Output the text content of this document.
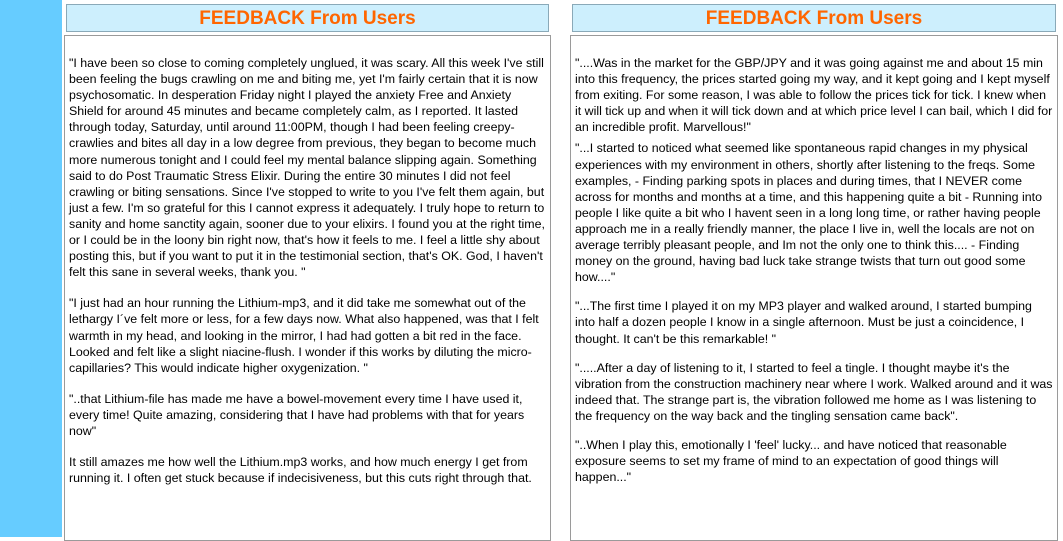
FEEDBACK From Users

"I have been so close to coming completely unglued, it was scary. All this week I've still been feeling the bugs crawling on me and biting me, yet I'm fairly certain that it is now psychosomatic. In desperation Friday night I played the anxiety Free and Anxiety Shield for around 45 minutes and became completely calm, as I reported. It lasted through today, Saturday, until around 11:00PM, though I had been feeling creepy-crawlies and bites all day in a low degree from previous, they began to become much more numerous tonight and I could feel my mental balance slipping again. Something said to do Post Traumatic Stress Elixir. During the entire 30 minutes I did not feel crawling or biting sensations. Since I've stopped to write to you I've felt them again, but just a few. I'm so grateful for this I cannot express it adequately. I truly hope to return to sanity and home sanctity again, sooner due to your elixirs. I found you at the right time, or I could be in the loony bin right now, that's how it feels to me. I feel a little shy about posting this, but if you want to put it in the testimonial section, that's OK. God, I haven't felt this sane in several weeks, thank you. "

"I just had an hour running the Lithium-mp3, and it did take me somewhat out of the lethargy I´ve felt more or less, for a few days now. What also happened, was that I felt warmth in my head, and looking in the mirror, I had had gotten a bit red in the face. Looked and felt like a slight niacine-flush. I wonder if this works by diluting the micro-capillaries? This would indicate higher oxygenization. "

"..that Lithium-file has made me have a bowel-movement every time I have used it, every time! Quite amazing, considering that I have had problems with that for years now"

It still amazes me how well the Lithium.mp3 works, and how much energy I get from running it. I often get stuck because if indecisiveness, but this cuts right through that.

FEEDBACK From Users

"....Was in the market for the GBP/JPY and it was going against me and about 15 min into this frequency, the prices started going my way, and it kept going and I kept myself from exiting. For some reason, I was able to follow the prices tick for tick. I knew when it will tick up and when it will tick down and at which price level I can bail, which I did for an incredible profit. Marvellous!"

"...I started to noticed what seemed like spontaneous rapid changes in my physical experiences with my environment in others, shortly after listening to the freqs. Some examples, - Finding parking spots in places and during times, that I NEVER come across for months and months at a time, and this happening quite a bit - Running into people I like quite a bit who I havent seen in a long long time, or rather having people approach me in a really friendly manner, the place I live in, well the locals are not on average terribly pleasant people, and Im not the only one to think this.... - Finding money on the ground, having bad luck take strange twists that turn out good some how...."

"...The first time I played it on my MP3 player and walked around, I started bumping into half a dozen people I know in a single afternoon. Must be just a coincidence, I thought. It can't be this remarkable! "

".....After a day of listening to it, I started to feel a tingle. I thought maybe it's the vibration from the construction machinery near where I work. Walked around and it was indeed that. The strange part is, the vibration followed me home as I was listening to the frequency on the way back and the tingling sensation came back".

"..When I play this, emotionally I 'feel' lucky... and have noticed that reasonable exposure seems to set my frame of mind to an expectation of good things will happen..."
